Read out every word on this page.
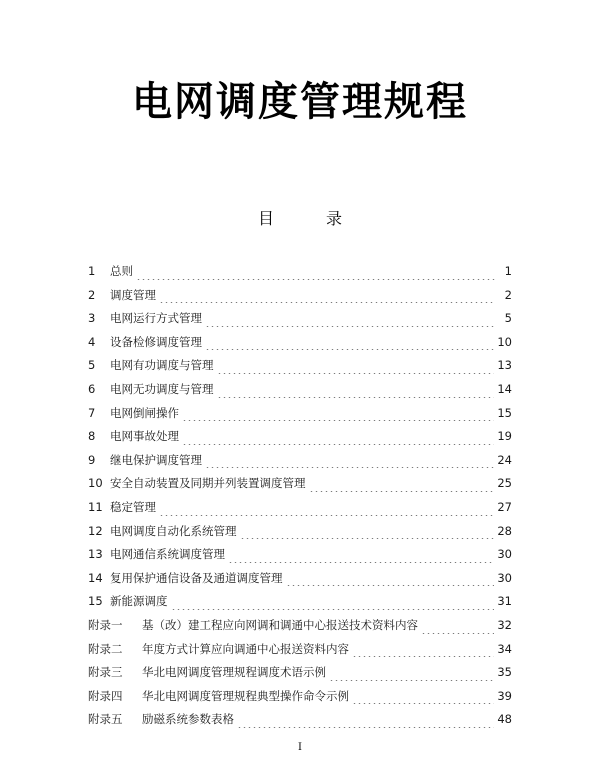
电网调度管理规程
目	录
1	总则	1
2	调度管理	2
3	电网运行方式管理	5
4	设备检修调度管理	10
5	电网有功调度与管理	13
6	电网无功调度与管理	14
7	电网倒闸操作	15
8	电网事故处理	19
9	继电保护调度管理	24
10 安全自动装置及同期并列装置调度管理	25
11 稳定管理	27
12 电网调度自动化系统管理	28
13 电网通信系统调度管理	30
14 复用保护通信设备及通道调度管理	30
15 新能源调度	31
附录一	基（改）建工程应向网调和调通中心报送技术资料内容	32
附录二	年度方式计算应向调通中心报送资料内容	34
附录三	华北电网调度管理规程调度术语示例	35
附录四	华北电网调度管理规程典型操作命令示例	39
附录五	励磁系统参数表格	48
I
